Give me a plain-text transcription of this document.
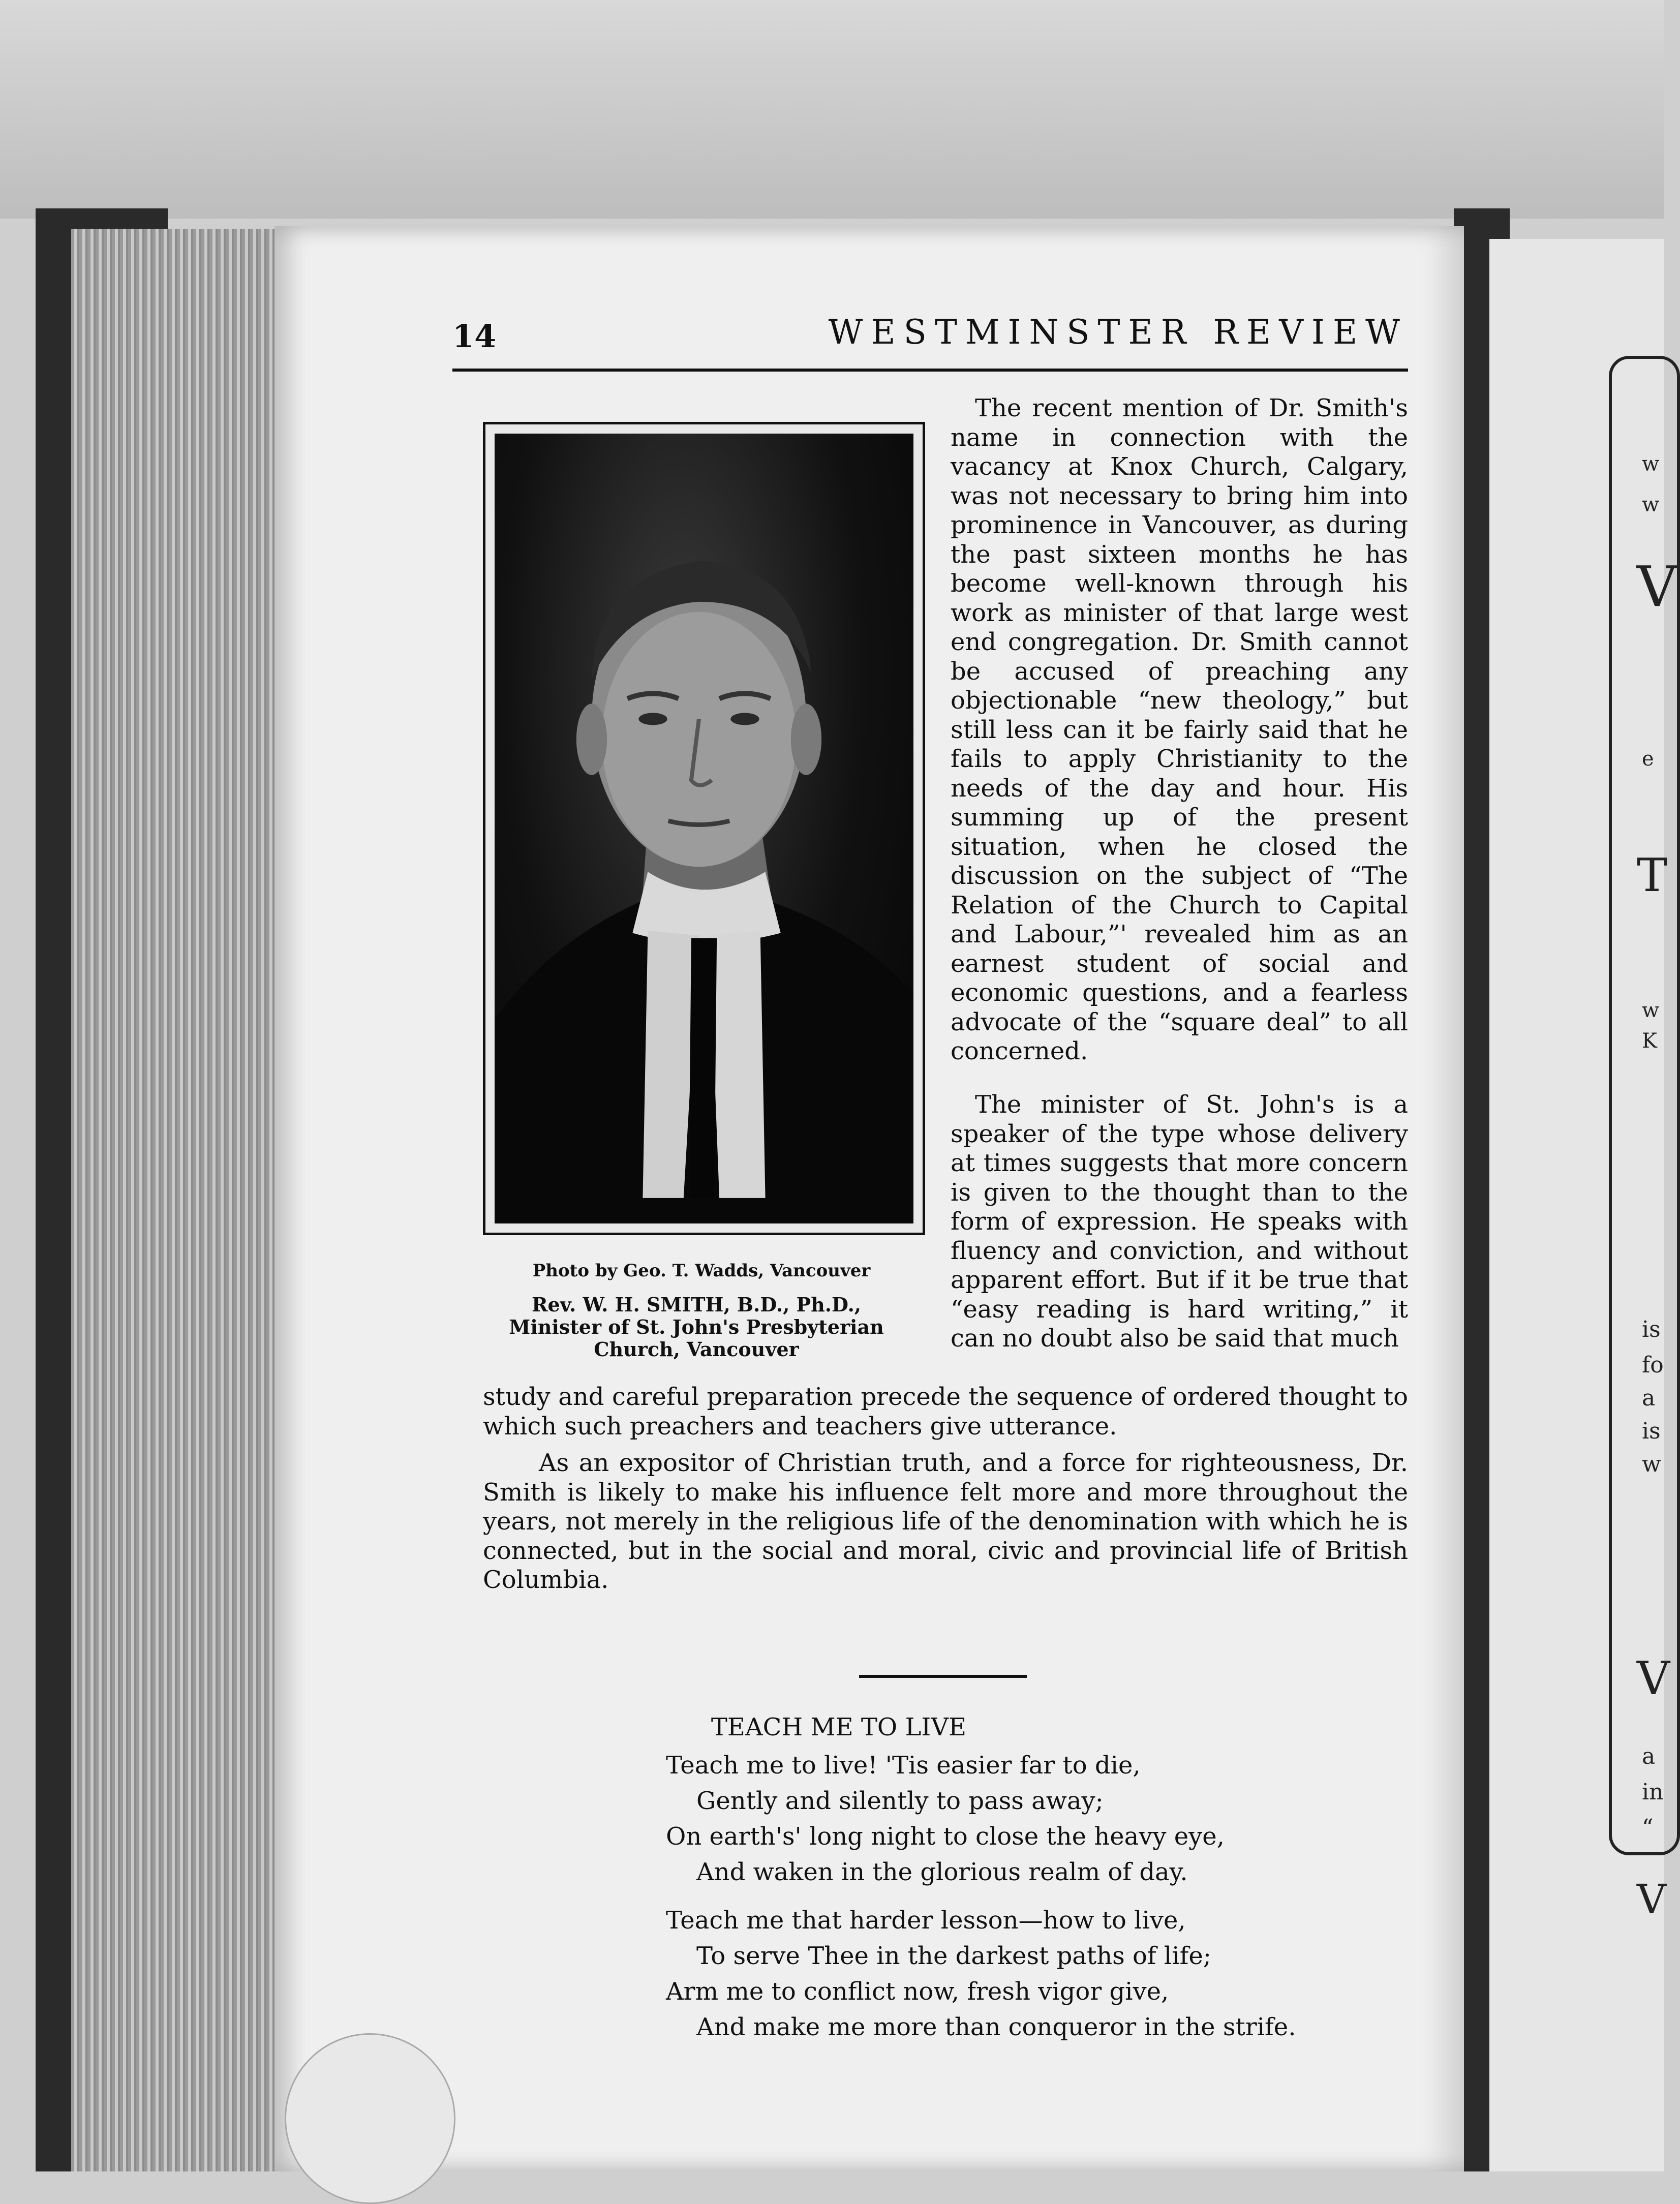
w
w
V
e
T
w
K
is
fo
a
is
w
V
a
in
“
V
14	WESTMINSTER REVIEW
Photo by Geo. T. Wadds, Vancouver
Rev. W. H. SMITH, B.D., Ph.D.,
Minister of St. John's Presbyterian
Church, Vancouver
The recent mention of Dr. Smith's name in connection with the vacancy at Knox Church, Calgary, was not necessary to bring him into prominence in Vancouver, as during the past sixteen months he has become well-known through his work as minister of that large west end congregation. Dr. Smith cannot be accused of preaching any objectionable “new theology,” but still less can it be fairly said that he fails to apply Christianity to the needs of the day and hour. His summing up of the present situation, when he closed the discussion on the subject of “The Relation of the Church to Capital and Labour,”' revealed him as an earnest student of social and economic questions, and a fearless advocate of the “square deal” to all concerned.
The minister of St. John's is a speaker of the type whose delivery at times suggests that more concern is given to the thought than to the form of expression. He speaks with fluency and conviction, and without apparent effort. But if it be true that “easy reading is hard writing,” it can no doubt also be said that much
study and careful preparation precede the sequence of ordered thought to which such preachers and teachers give utterance.
As an expositor of Christian truth, and a force for righteousness, Dr. Smith is likely to make his influence felt more and more throughout the years, not merely in the religious life of the denomination with which he is connected, but in the social and moral, civic and provincial life of British Columbia.
TEACH ME TO LIVE
Teach me to live! 'Tis easier far to die,
Gently and silently to pass away;
On earth's' long night to close the heavy eye,
And waken in the glorious realm of day.
Teach me that harder lesson—how to live,
To serve Thee in the darkest paths of life;
Arm me to conflict now, fresh vigor give,
And make me more than conqueror in the strife.
